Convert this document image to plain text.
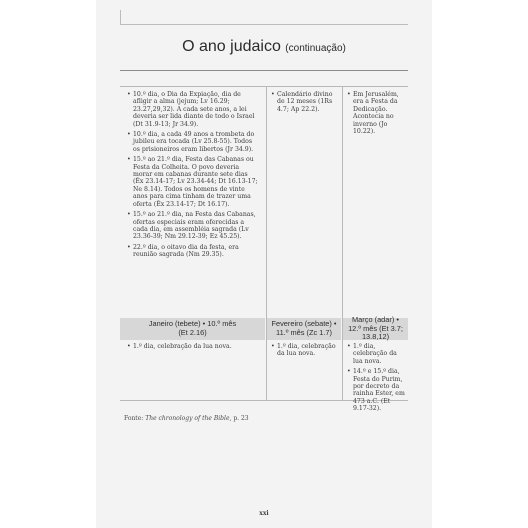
O ano judaico (continuação)
• 10.º dia, o Dia da Expiação, dia de afligir a alma (jejum; Lv 16.29; 23.27,29,32). A cada sete anos, a lei deveria ser lida diante de todo o Israel (Dt 31.9-13; Jr 34.9).
• 10.º dia, a cada 49 anos a trombeta do jubileu era tocada (Lv 25.8-55). Todos os prisioneiros eram libertos (Jr 34.9).
• 15.º ao 21.º dia, Festa das Cabanas ou Festa da Colheita. O povo deveria morar em cabanas durante sete dias (Êx 23.14-17; Lv 23.34-44; Dt 16.13-17; Ne 8.14). Todos os homens de vinte anos para cima tinham de trazer uma oferta (Êx 23.14-17; Dt 16.17).
• 15.º ao 21.º dia, na Festa das Cabanas, ofertas especiais eram oferecidas a cada dia, em assembléia sagrada (Lv 23.36-39; Nm 29.12-39; Ez 45.25).
• 22.º dia, o oitavo dia da festa, era reunião sagrada (Nm 29.35).
• Calendário divino de 12 meses (1Rs 4.7; Ap 22.2).
• Em Jerusalém, era a Festa da Dedicação. Acontecia no inverno (Jo 10.22).
Janeiro (tebete) • 10.º mês (Et 2.16)
Fevereiro (sebate) • 11.º mês (Zc 1.7)
Março (adar) • 12.º mês (Et 3.7; 13.8,12)
• 1.º dia, celebração da lua nova.
•	1.º dia, celebração da lua nova.
• 1.º dia, celebração da lua nova.
• 14.º e 15.º dia, Festa do Purim, por decreto da rainha Ester, em 473 a.C. (Et 9.17-32).
Fonte: The chronology of the Bible, p. 23
xxi
